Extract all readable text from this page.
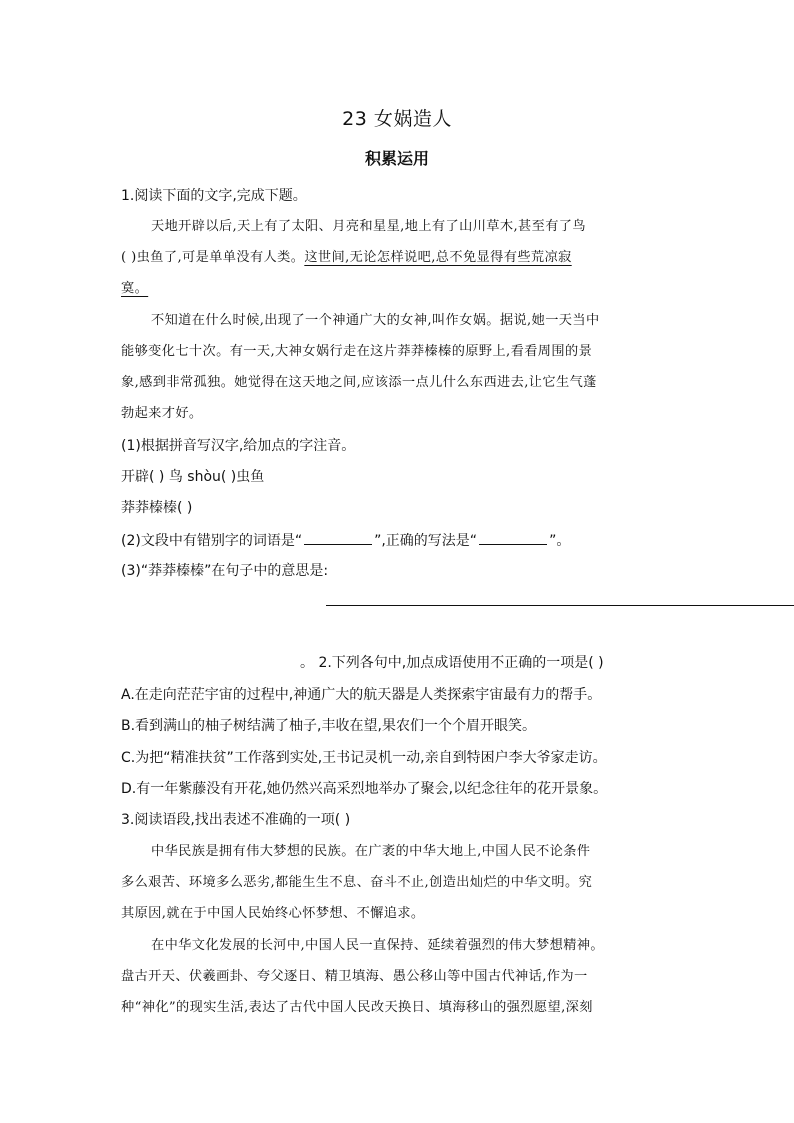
23 女娲造人
积累运用
1.阅读下面的文字,完成下题。
天地开辟以后,天上有了太阳、月亮和星星,地上有了山川草木,甚至有了鸟
( )虫鱼了,可是单单没有人类。这世间,无论怎样说吧,总不免显得有些荒凉寂
寞。
不知道在什么时候,出现了一个神通广大的女神,叫作女娲。据说,她一天当中
能够变化七十次。有一天,大神女娲行走在这片莽莽榛榛的原野上,看看周围的景
象,感到非常孤独。她觉得在这天地之间,应该添一点儿什么东西进去,让它生气蓬
勃起来才好。
(1)根据拼音写汉字,给加点的字注音。
开辟( ) 鸟 shòu( )虫鱼
莽莽榛榛( )
(2)文段中有错别字的词语是“	”,正确的写法是“	”。
(3)“莽莽榛榛”在句子中的意思是:
。 2.下列各句中,加点成语使用不正确的一项是( )
A.在走向茫茫宇宙的过程中,神通广大的航天器是人类探索宇宙最有力的帮手。
B.看到满山的柚子树结满了柚子,丰收在望,果农们一个个眉开眼笑。
C.为把“精准扶贫”工作落到实处,王书记灵机一动,亲自到特困户李大爷家走访。
D.有一年紫藤没有开花,她仍然兴高采烈地举办了聚会,以纪念往年的花开景象。
3.阅读语段,找出表述不准确的一项( )
中华民族是拥有伟大梦想的民族。在广袤的中华大地上,中国人民不论条件
多么艰苦、环境多么恶劣,都能生生不息、奋斗不止,创造出灿烂的中华文明。究
其原因,就在于中国人民始终心怀梦想、不懈追求。
在中华文化发展的长河中,中国人民一直保持、延续着强烈的伟大梦想精神。
盘古开天、伏羲画卦、夸父逐日、精卫填海、愚公移山等中国古代神话,作为一
种“神化”的现实生活,表达了古代中国人民改天换日、填海移山的强烈愿望,深刻
